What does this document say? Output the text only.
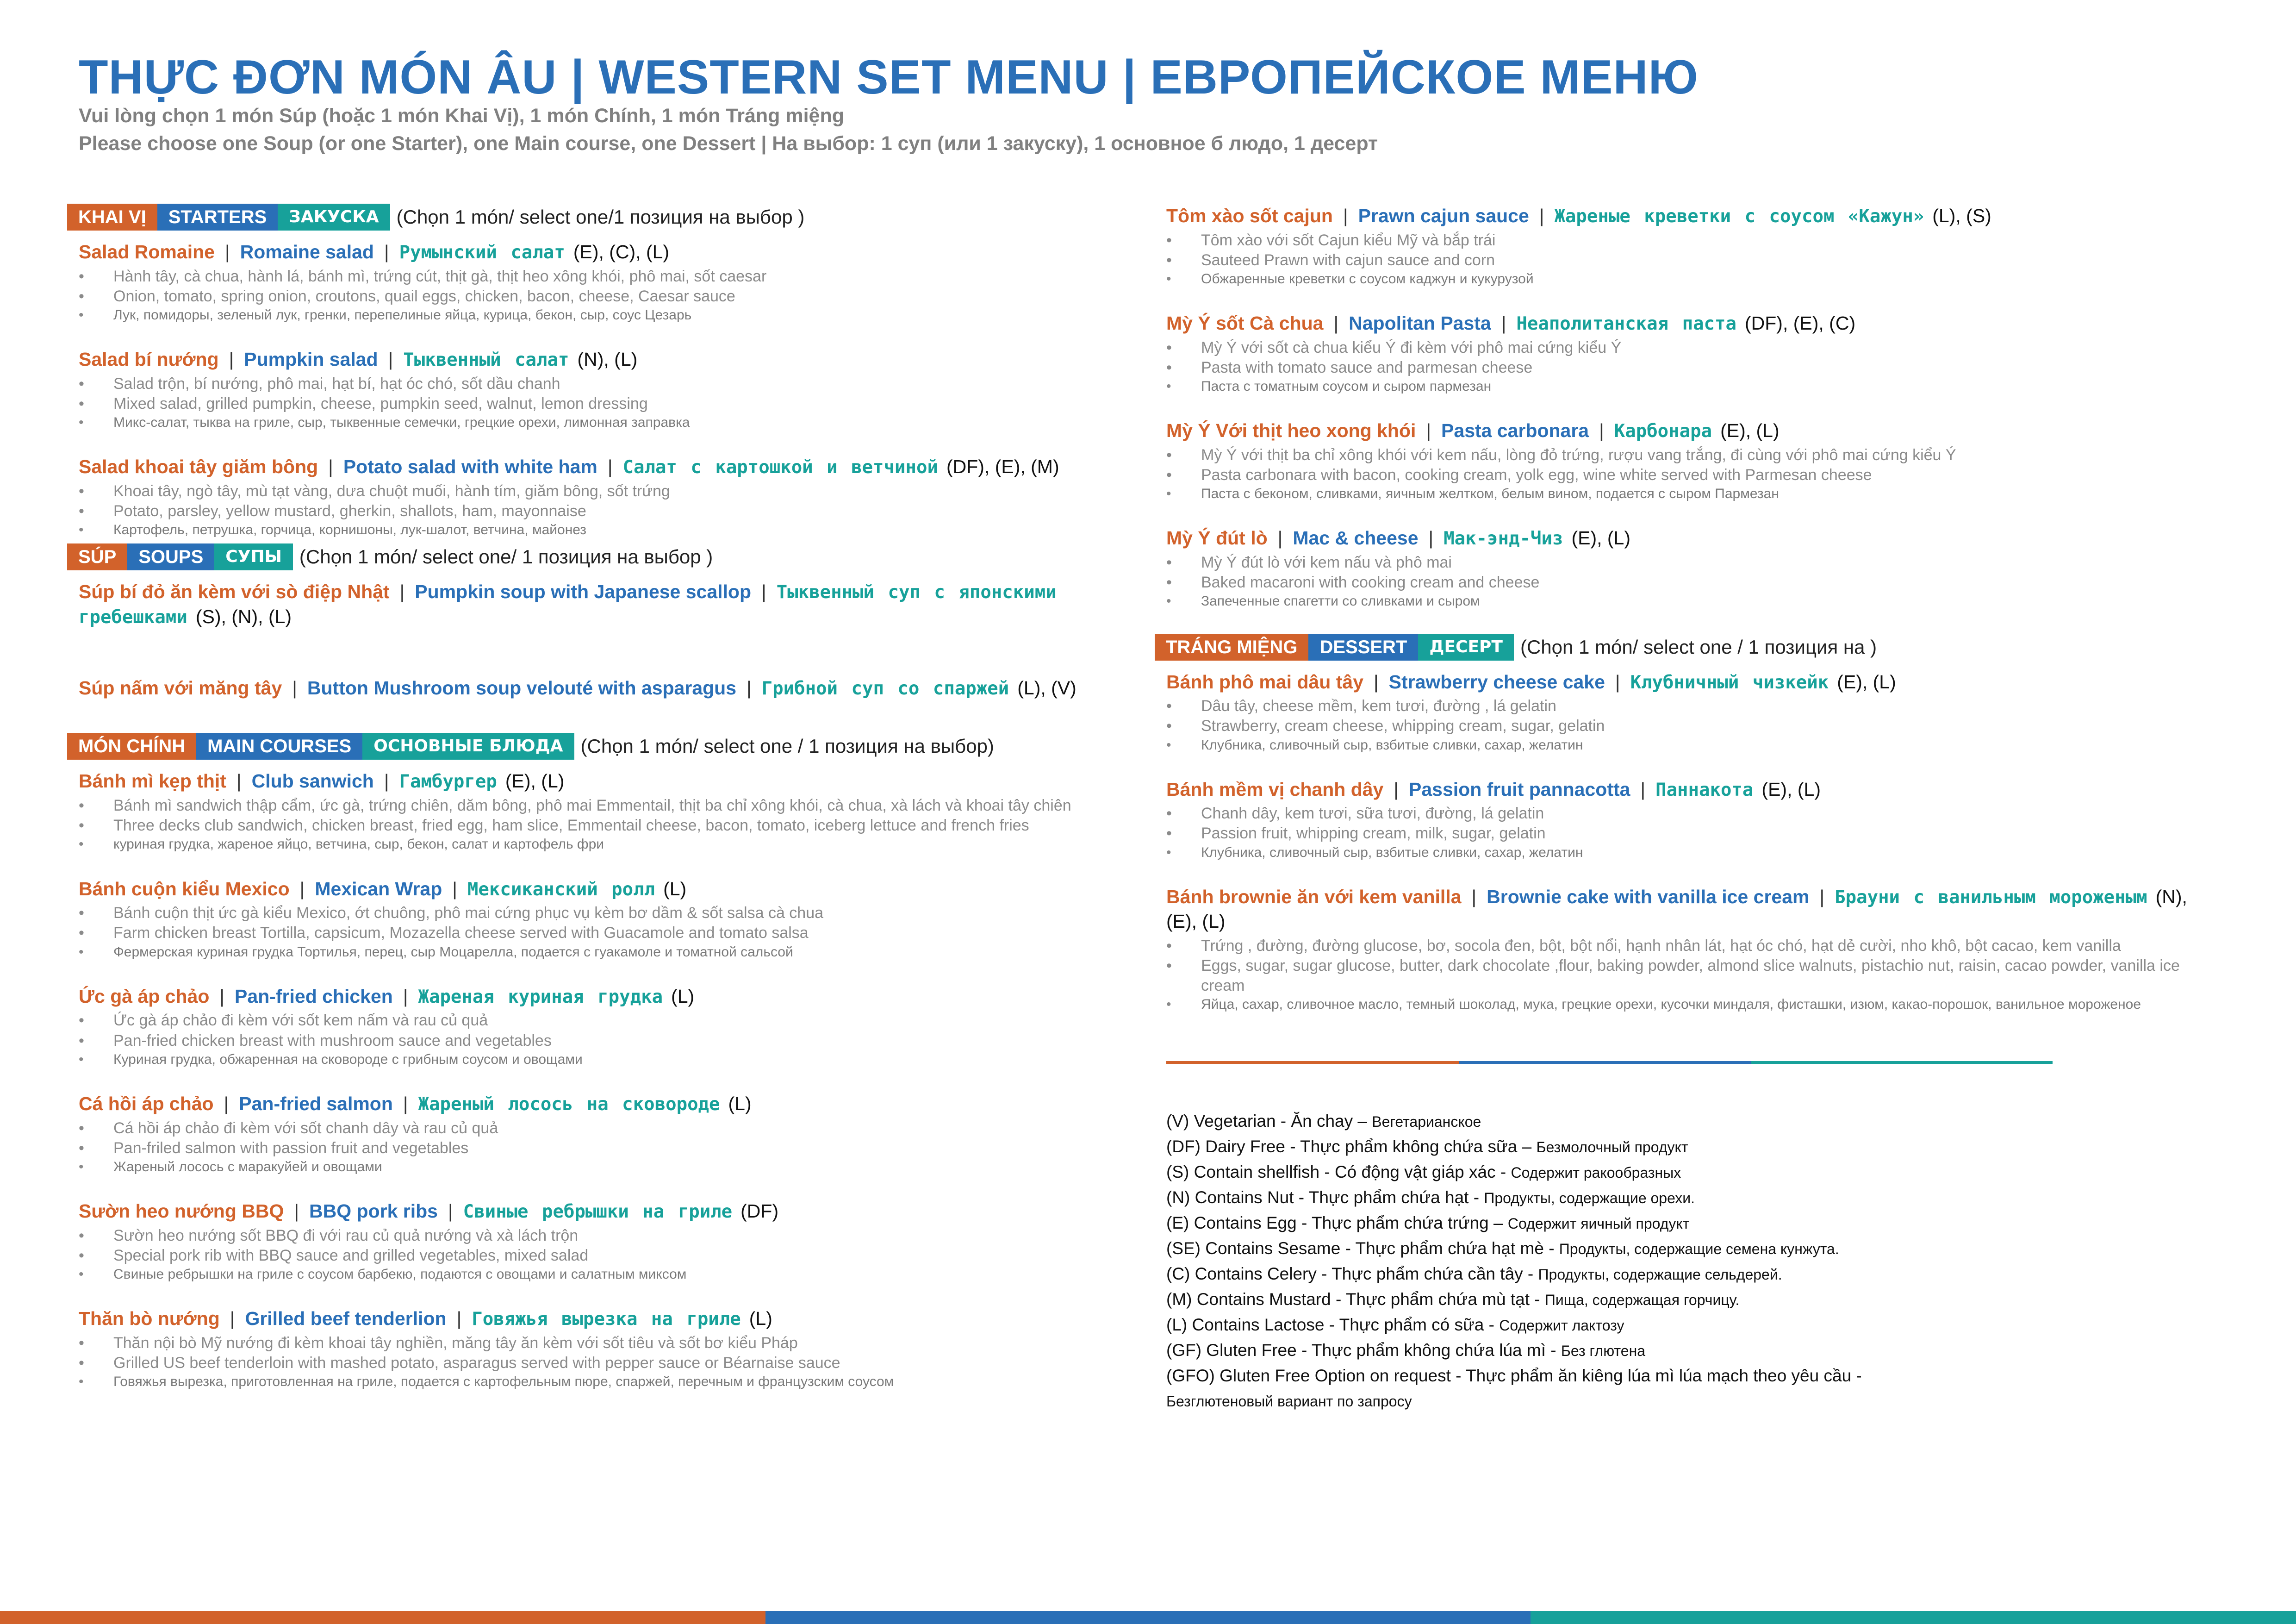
THỰC ĐƠN MÓN ÂU | WESTERN SET MENU | ЕВРОПЕЙСКОЕ МЕНЮ
Vui lòng chọn 1 món Súp (hoặc 1 món Khai Vị), 1 món Chính, 1 món Tráng miệng
Please choose one Soup (or one Starter), one Main course, one Dessert | На выбор: 1 суп (или 1 закуску), 1 основное б людо, 1 десерт
KHAI VỊ	STARTERS	ЗАКУСКА (Chọn 1 món/ select one/1 позиция на выбор )
Salad Romaine | Romaine salad | Румынский салат (E), (C), (L)
• Hành tây, cà chua, hành lá, bánh mì, trứng cút, thịt gà, thịt heo xông khói, phô mai, sốt caesar
• Onion, tomato, spring onion, croutons, quail eggs, chicken, bacon, cheese, Caesar sauce
• Лук, помидоры, зеленый лук, гренки, перепелиные яйца, курица, бекон, сыр, соус Цезарь
Salad bí nướng | Pumpkin salad | Тыквенный салат (N), (L)
• Salad trộn, bí nướng, phô mai, hạt bí, hạt óc chó, sốt dầu chanh
• Mixed salad, grilled pumpkin, cheese, pumpkin seed, walnut, lemon dressing
• Микс-салат, тыква на гриле, сыр, тыквенные семечки, грецкие орехи, лимонная заправка
Salad khoai tây giăm bông | Potato salad with white ham | Салат с картошкой и ветчиной (DF), (E), (M)
• Khoai tây, ngò tây, mù tạt vàng, dưa chuột muối, hành tím, giăm bông, sốt trứng
• Potato, parsley, yellow mustard, gherkin, shallots, ham, mayonnaise
• Картофель, петрушка, горчица, корнишоны, лук-шалот, ветчина, майонез
SÚP	SOUPS	СУПЫ (Chọn 1 món/ select one/ 1 позиция на выбор )
Súp bí đỏ ăn kèm với sò điệp Nhật | Pumpkin soup with Japanese scallop | Тыквенный суп с японскими гребешками (S), (N), (L)
Súp nấm với măng tây | Button Mushroom soup velouté with asparagus | Грибной суп со спаржей (L), (V)
MÓN CHÍNH	MAIN COURSES	ОСНОВНЫЕ БЛЮДА (Chọn 1 món/ select one / 1 позиция на выбор)
Bánh mì kẹp thịt | Club sanwich | Гамбургер (E), (L)
• Bánh mì sandwich thập cẩm, ức gà, trứng chiên, dăm bông, phô mai Emmentail, thịt ba chỉ xông khói, cà chua, xà lách và khoai tây chiên
• Three decks club sandwich, chicken breast, fried egg, ham slice, Emmentail cheese, bacon, tomato, iceberg lettuce and french fries
• куриная грудка, жареное яйцо, ветчина, сыр, бекон, салат и картофель фри
Bánh cuộn kiểu Mexico | Mexican Wrap | Мексиканский ролл (L)
• Bánh cuộn thịt ức gà kiểu Mexico, ớt chuông, phô mai cứng phục vụ kèm bơ dầm & sốt salsa cà chua
• Farm chicken breast Tortilla, capsicum, Mozazella cheese served with Guacamole and tomato salsa
• Фермерская куриная грудка Тортилья, перец, сыр Моцарелла, подается с гуакамоле и томатной сальсой
Ức gà áp chảo | Pan-fried chicken | Жареная куриная грудка (L)
• Ức gà áp chảo đi kèm với sốt kem nấm và rau củ quả
• Pan-fried chicken breast with mushroom sauce and vegetables
• Куриная грудка, обжаренная на сковороде с грибным соусом и овощами
Cá hồi áp chảo | Pan-fried salmon | Жареный лосось на сковороде (L)
• Cá hồi áp chảo đi kèm với sốt chanh dây và rau củ quả
• Pan-friled salmon with passion fruit and vegetables
• Жареный лосось с маракуйей и овощами
Sườn heo nướng BBQ | BBQ pork ribs | Свиные ребрышки на гриле (DF)
• Sườn heo nướng sốt BBQ đi với rau củ quả nướng và xà lách trộn
• Special pork rib with BBQ sauce and grilled vegetables, mixed salad
• Свиные ребрышки на гриле с соусом барбекю, подаются с овощами и салатным миксом
Thăn bò nướng | Grilled beef tenderlion | Говяжья вырезка на гриле (L)
• Thăn nội bò Mỹ nướng đi kèm khoai tây nghiền, măng tây ăn kèm với sốt tiêu và sốt bơ kiểu Pháp
• Grilled US beef tenderloin with mashed potato, asparagus served with pepper sauce or Béarnaise sauce
• Говяжья вырезка, приготовленная на гриле, подается с картофельным пюре, спаржей, перечным и французским соусом
Tôm xào sốt cajun | Prawn cajun sauce | Жареные креветки с соусом «Кажун» (L), (S)
• Tôm xào với sốt Cajun kiểu Mỹ và bắp trái
• Sauteed Prawn with cajun sauce and corn
• Обжаренные креветки с соусом каджун и кукурузой
Mỳ Ý sốt Cà chua | Napolitan Pasta | Неаполитанская паста (DF), (E), (C)
• Mỳ Ý với sốt cà chua kiểu Ý đi kèm với phô mai cứng kiểu Ý
• Pasta with tomato sauce and parmesan cheese
• Паста с томатным соусом и сыром пармезан
Mỳ Ý Với thịt heo xong khói | Pasta carbonara | Карбонара (E), (L)
• Mỳ Ý với thịt ba chỉ xông khói với kem nấu, lòng đỏ trứng, rượu vang trắng, đi cùng với phô mai cứng kiểu Ý
• Pasta carbonara with bacon, cooking cream, yolk egg, wine white served with Parmesan cheese
• Паста с беконом, сливками, яичным желтком, белым вином, подается с сыром Пармезан
Mỳ Ý đút lò | Mac & cheese | Мак-энд-Чиз (E), (L)
• Mỳ Ý đút lò với kem nấu và phô mai
• Baked macaroni with cooking cream and cheese
• Запеченные спагетти со сливками и сыром
TRÁNG MIỆNG	DESSERT	ДЕСЕРТ (Chọn 1 món/ select one / 1 позиция на )
Bánh phô mai dâu tây | Strawberry cheese cake | Клубничный чизкейк (E), (L)
• Dâu tây, cheese mềm, kem tươi, đường , lá gelatin
• Strawberry, cream cheese, whipping cream, sugar, gelatin
• Клубника, сливочный сыр, взбитые сливки, сахар, желатин
Bánh mềm vị chanh dây | Passion fruit pannacotta | Паннакота (E), (L)
• Chanh dây, kem tươi, sữa tươi, đường, lá gelatin
• Passion fruit, whipping cream, milk, sugar, gelatin
• Клубника, сливочный сыр, взбитые сливки, сахар, желатин
Bánh brownie ăn với kem vanilla | Brownie cake with vanilla ice cream | Брауни с ванильным мороженым (N), (E), (L)
• Trứng , đường, đường glucose, bơ, socola đen, bột, bột nổi, hạnh nhân lát, hạt óc chó, hạt dẻ cười, nho khô, bột cacao, kem vanilla
• Eggs, sugar, sugar glucose, butter, dark chocolate ,flour, baking powder, almond slice walnuts, pistachio nut, raisin, cacao powder, vanilla ice cream
• Яйца, сахар, сливочное масло, темный шоколад, мука, грецкие орехи, кусочки миндаля, фисташки, изюм, какао-порошок, ванильное мороженое
(V) Vegetarian - Ăn chay – Вегетарианское
(DF) Dairy Free - Thực phẩm không chứa sữa – Безмолочный продукт
(S) Contain shellfish - Có động vật giáp xác - Содержит ракообразных
(N) Contains Nut - Thực phẩm chứa hạt - Продукты, содержащие орехи.
(E) Contains Egg - Thực phẩm chứa trứng – Содержит яичный продукт
(SE) Contains Sesame - Thực phẩm chứa hạt mè - Продукты, содержащие семена кунжута.
(C) Contains Celery - Thực phẩm chứa cần tây - Продукты, содержащие сельдерей.
(M) Contains Mustard - Thực phẩm chứa mù tạt - Пища, содержащая горчицу.
(L) Contains Lactose - Thực phẩm có sữa - Содержит лактозу
(GF) Gluten Free - Thực phẩm không chứa lúa mì - Без глютена
(GFO) Gluten Free Option on request - Thực phẩm ăn kiêng lúa mì lúa mạch theo yêu cầu -
Безглютеновый вариант по запросу
